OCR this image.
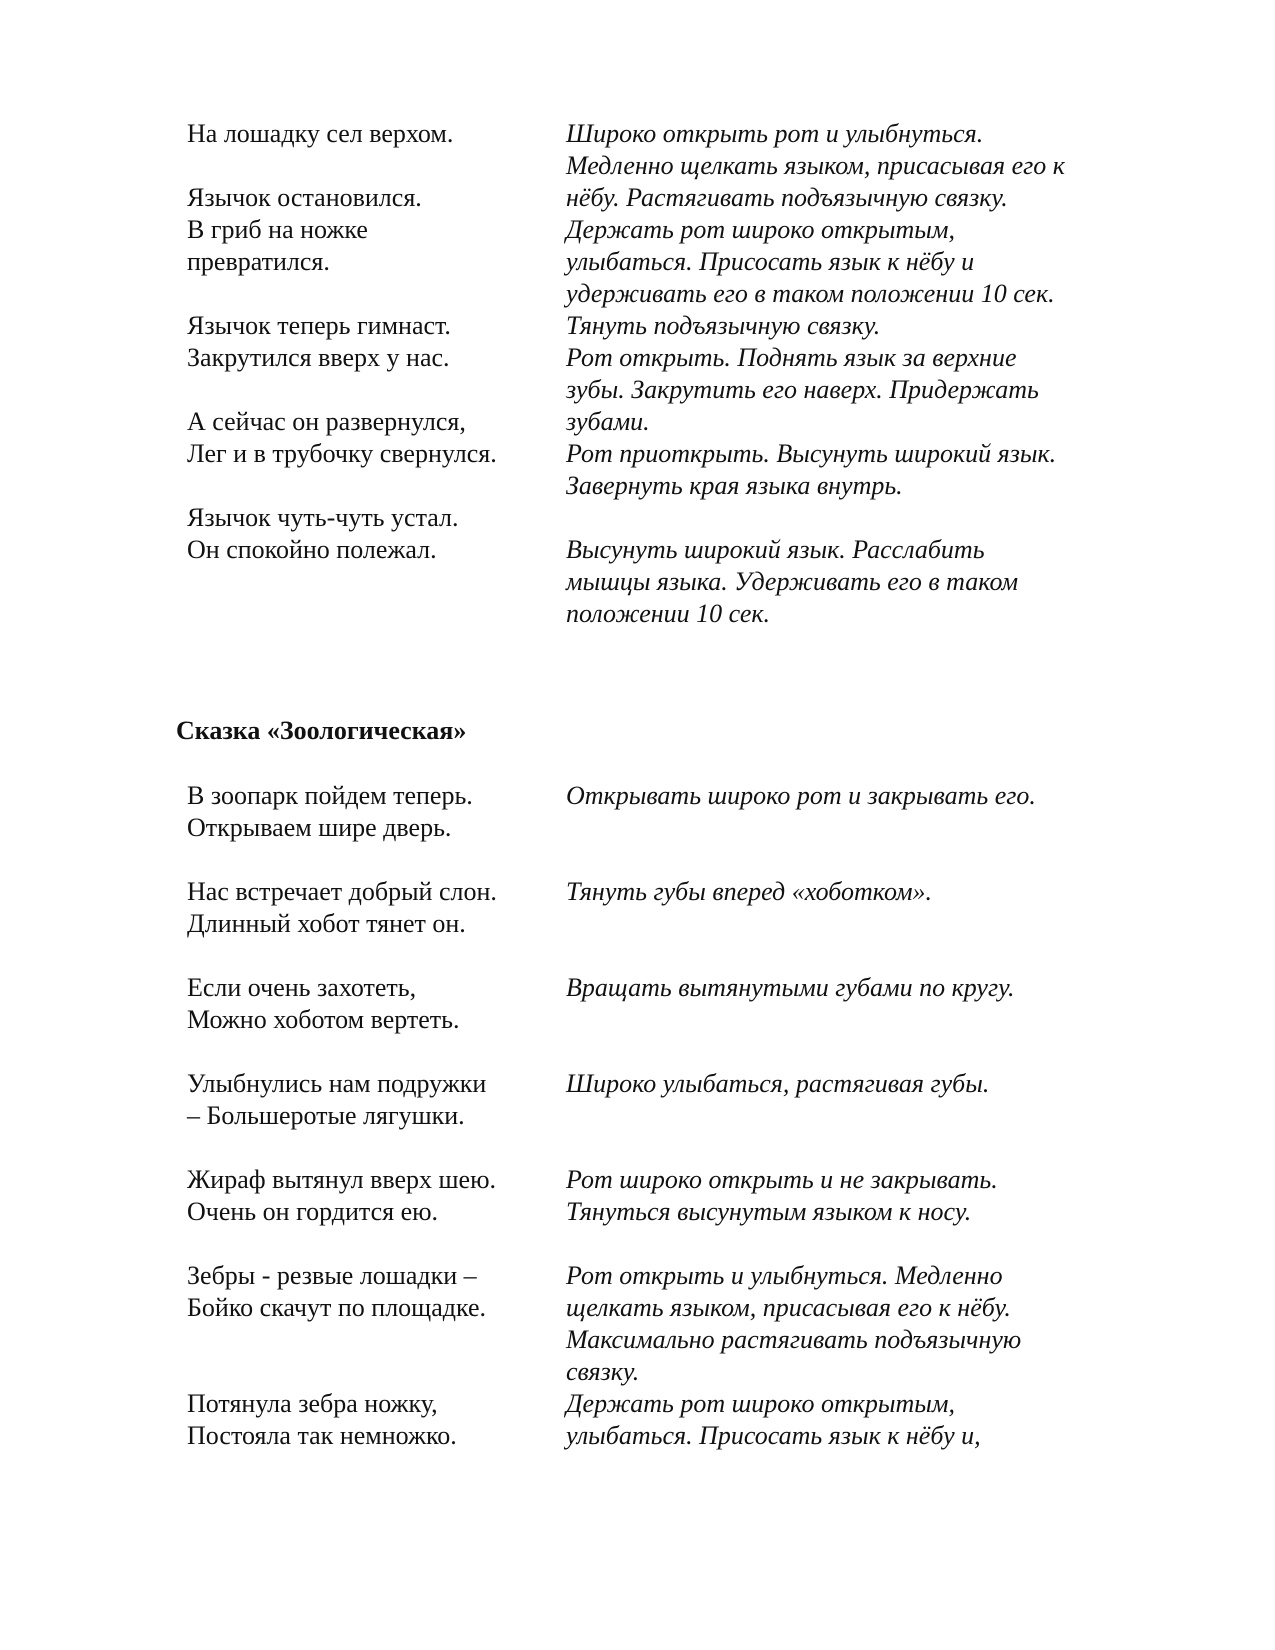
На лошадку сел верхом.

Язычок остановился.

В гриб на ножке

превратился.

Язычок теперь гимнаст.

Закрутился вверх у нас.

А сейчас он развернулся,

Лег и в трубочку свернулся.

Язычок чуть-чуть устал.

Он спокойно полежал.

Широко открыть рот и улыбнуться.

Медленно щелкать языком, присасывая его к

нёбу. Растягивать подъязычную связку.

Держать рот широко открытым,

улыбаться. Присосать язык к нёбу и

удерживать его в таком положении 10 сек.

Тянуть подъязычную связку.

Рот открыть. Поднять язык за верхние

зубы. Закрутить его наверх. Придержать

зубами.

Рот приоткрыть. Высунуть широкий язык.

Завернуть края языка внутрь.

Высунуть широкий язык. Расслабить

мышцы языка. Удерживать его в таком

положении 10 сек.

Сказка «Зоологическая»

В зоопарк пойдем теперь.

Открываем шире дверь.

Нас встречает добрый слон.

Длинный хобот тянет он.

Если очень захотеть,

Можно хоботом вертеть.

Улыбнулись нам подружки

– Большеротые лягушки.

Жираф вытянул вверх шею.

Очень он гордится ею.

Зебры - резвые лошадки –

Бойко скачут по площадке.

Потянула зебра ножку,

Постояла так немножко.

Открывать широко рот и закрывать его.

Тянуть губы вперед «хоботком».

Вращать вытянутыми губами по кругу.

Широко улыбаться, растягивая губы.

Рот широко открыть и не закрывать.

Тянуться высунутым языком к носу.

Рот открыть и улыбнуться. Медленно

щелкать языком, присасывая его к нёбу.

Максимально растягивать подъязычную

связку.

Держать рот широко открытым,

улыбаться. Присосать язык к нёбу и,
